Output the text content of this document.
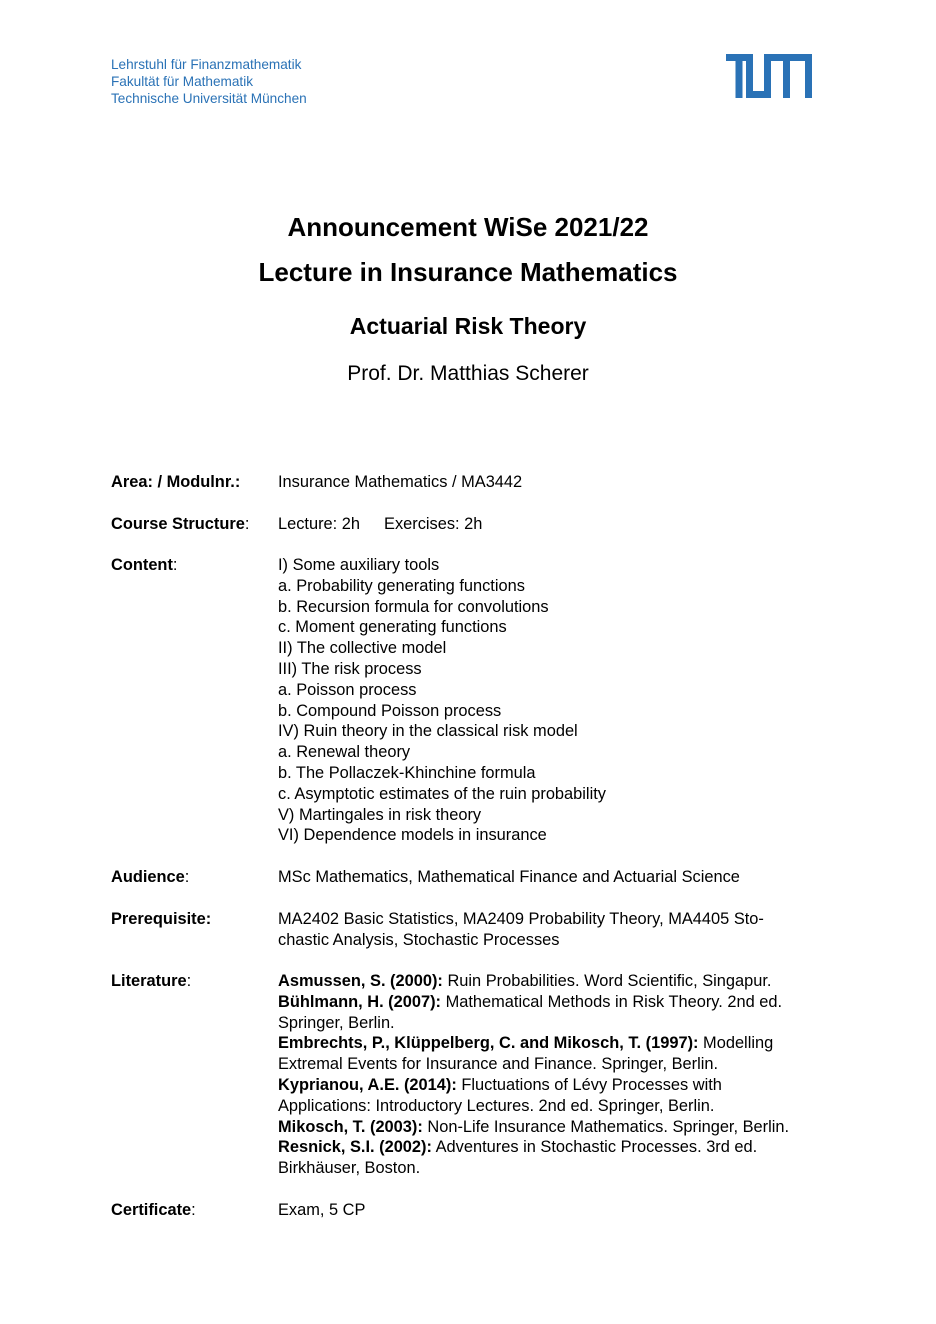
Lehrstuhl für Finanzmathematik
Fakultät für Mathematik
Technische Universität München
Announcement WiSe 2021/22
Lecture in Insurance Mathematics
Actuarial Risk Theory
Prof. Dr. Matthias Scherer
Area: / Modulnr.: Insurance Mathematics / MA3442
Course Structure: Lecture: 2h Exercises: 2h
Content:	I) Some auxiliary tools
a. Probability generating functions
b. Recursion formula for convolutions
c. Moment generating functions
II) The collective model
III) The risk process
a. Poisson process
b. Compound Poisson process
IV) Ruin theory in the classical risk model
a. Renewal theory
b. The Pollaczek-Khinchine formula
c. Asymptotic estimates of the ruin probability
V) Martingales in risk theory
VI) Dependence models in insurance
Audience:	MSc Mathematics, Mathematical Finance and Actuarial Science
Prerequisite:	MA2402 Basic Statistics, MA2409 Probability Theory, MA4405 Sto-
chastic Analysis, Stochastic Processes
Literature:	Asmussen, S. (2000): Ruin Probabilities. Word Scientific, Singapur.
Bühlmann, H. (2007): Mathematical Methods in Risk Theory. 2nd ed.
Springer, Berlin.
Embrechts, P., Klüppelberg, C. and Mikosch, T. (1997): Modelling
Extremal Events for Insurance and Finance. Springer, Berlin.
Kyprianou, A.E. (2014): Fluctuations of Lévy Processes with
Applications: Introductory Lectures. 2nd ed. Springer, Berlin.
Mikosch, T. (2003): Non-Life Insurance Mathematics. Springer, Berlin.
Resnick, S.I. (2002): Adventures in Stochastic Processes. 3rd ed.
Birkhäuser, Boston.
Certificate:	Exam, 5 CP
